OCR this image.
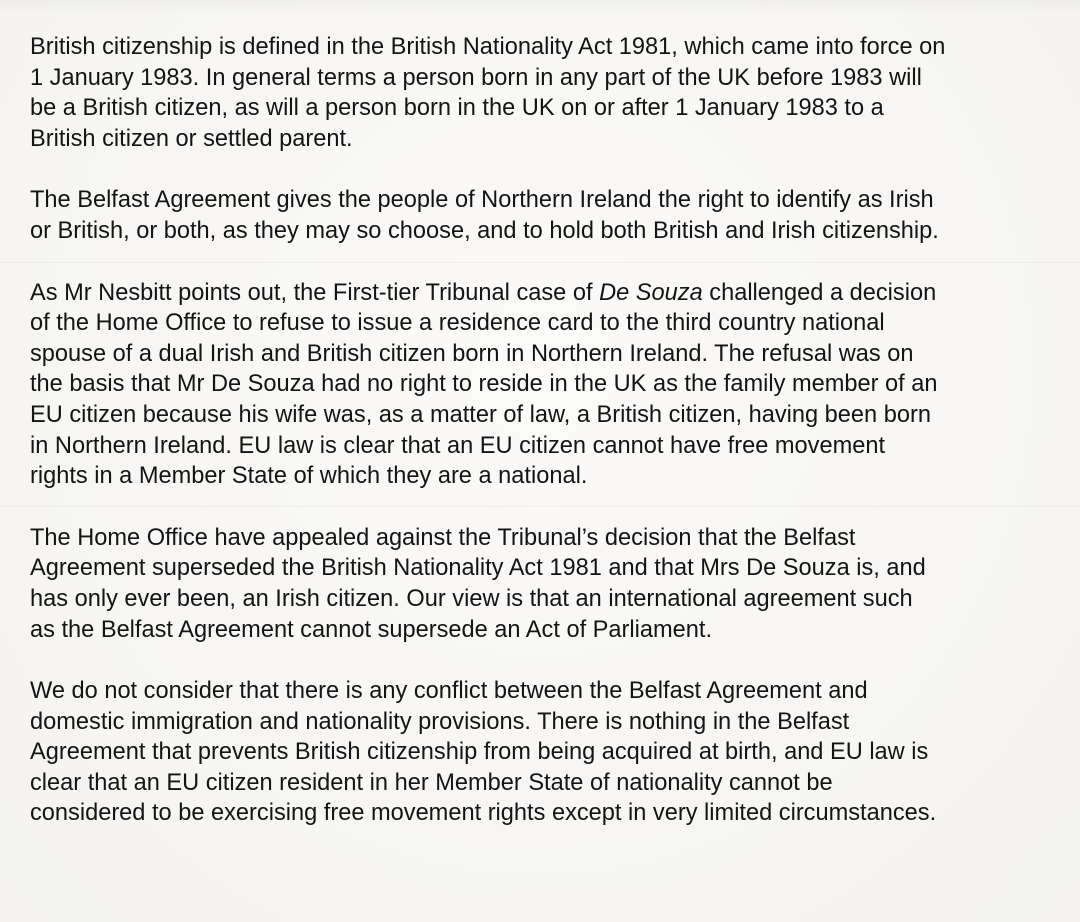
British citizenship is defined in the British Nationality Act 1981, which came into force on
1 January 1983. In general terms a person born in any part of the UK before 1983 will
be a British citizen, as will a person born in the UK on or after 1 January 1983 to a
British citizen or settled parent.

The Belfast Agreement gives the people of Northern Ireland the right to identify as Irish
or British, or both, as they may so choose, and to hold both British and Irish citizenship.

As Mr Nesbitt points out, the First-tier Tribunal case of De Souza challenged a decision
of the Home Office to refuse to issue a residence card to the third country national
spouse of a dual Irish and British citizen born in Northern Ireland. The refusal was on
the basis that Mr De Souza had no right to reside in the UK as the family member of an
EU citizen because his wife was, as a matter of law, a British citizen, having been born
in Northern Ireland. EU law is clear that an EU citizen cannot have free movement
rights in a Member State of which they are a national.

The Home Office have appealed against the Tribunal’s decision that the Belfast
Agreement superseded the British Nationality Act 1981 and that Mrs De Souza is, and
has only ever been, an Irish citizen. Our view is that an international agreement such
as the Belfast Agreement cannot supersede an Act of Parliament.

We do not consider that there is any conflict between the Belfast Agreement and
domestic immigration and nationality provisions. There is nothing in the Belfast
Agreement that prevents British citizenship from being acquired at birth, and EU law is
clear that an EU citizen resident in her Member State of nationality cannot be
considered to be exercising free movement rights except in very limited circumstances.
